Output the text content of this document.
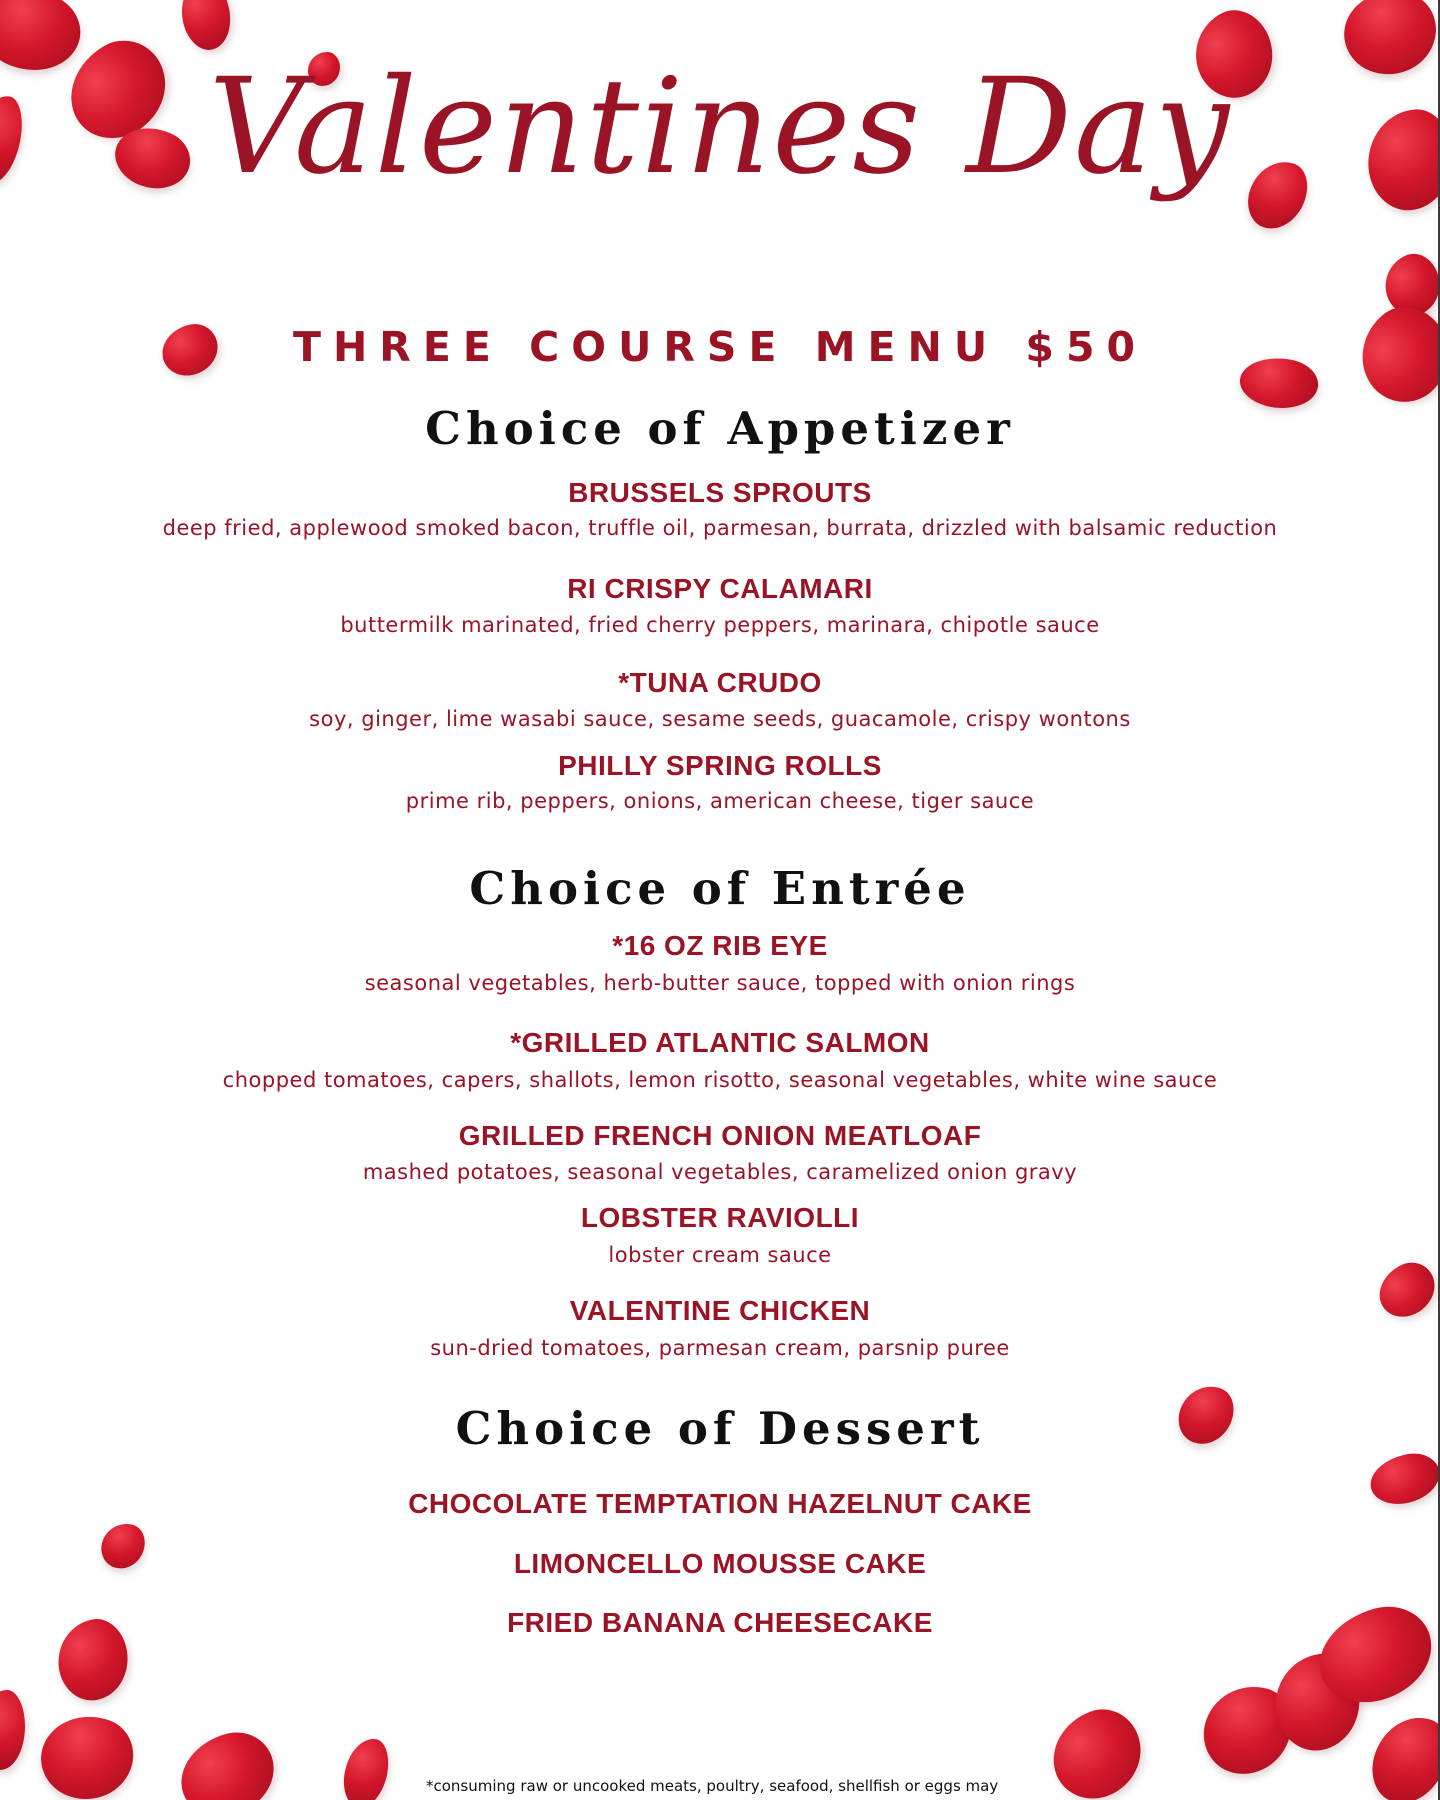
Valentines Day
THREE COURSE MENU $50
Choice of Appetizer
BRUSSELS SPROUTS
deep fried, applewood smoked bacon, truffle oil, parmesan, burrata, drizzled with balsamic reduction
RI CRISPY CALAMARI
buttermilk marinated, fried cherry peppers, marinara, chipotle sauce
*TUNA CRUDO
soy, ginger, lime wasabi sauce, sesame seeds, guacamole, crispy wontons
PHILLY SPRING ROLLS
prime rib, peppers, onions, american cheese, tiger sauce
Choice of Entrée
*16 OZ RIB EYE
seasonal vegetables, herb-butter sauce, topped with onion rings
*GRILLED ATLANTIC SALMON
chopped tomatoes, capers, shallots, lemon risotto, seasonal vegetables, white wine sauce
GRILLED FRENCH ONION MEATLOAF
mashed potatoes, seasonal vegetables, caramelized onion gravy
LOBSTER RAVIOLLI
lobster cream sauce
VALENTINE CHICKEN
sun-dried tomatoes, parmesan cream, parsnip puree
Choice of Dessert
CHOCOLATE TEMPTATION HAZELNUT CAKE
LIMONCELLO MOUSSE CAKE
FRIED BANANA CHEESECAKE
*consuming raw or uncooked meats, poultry, seafood, shellfish or eggs may
